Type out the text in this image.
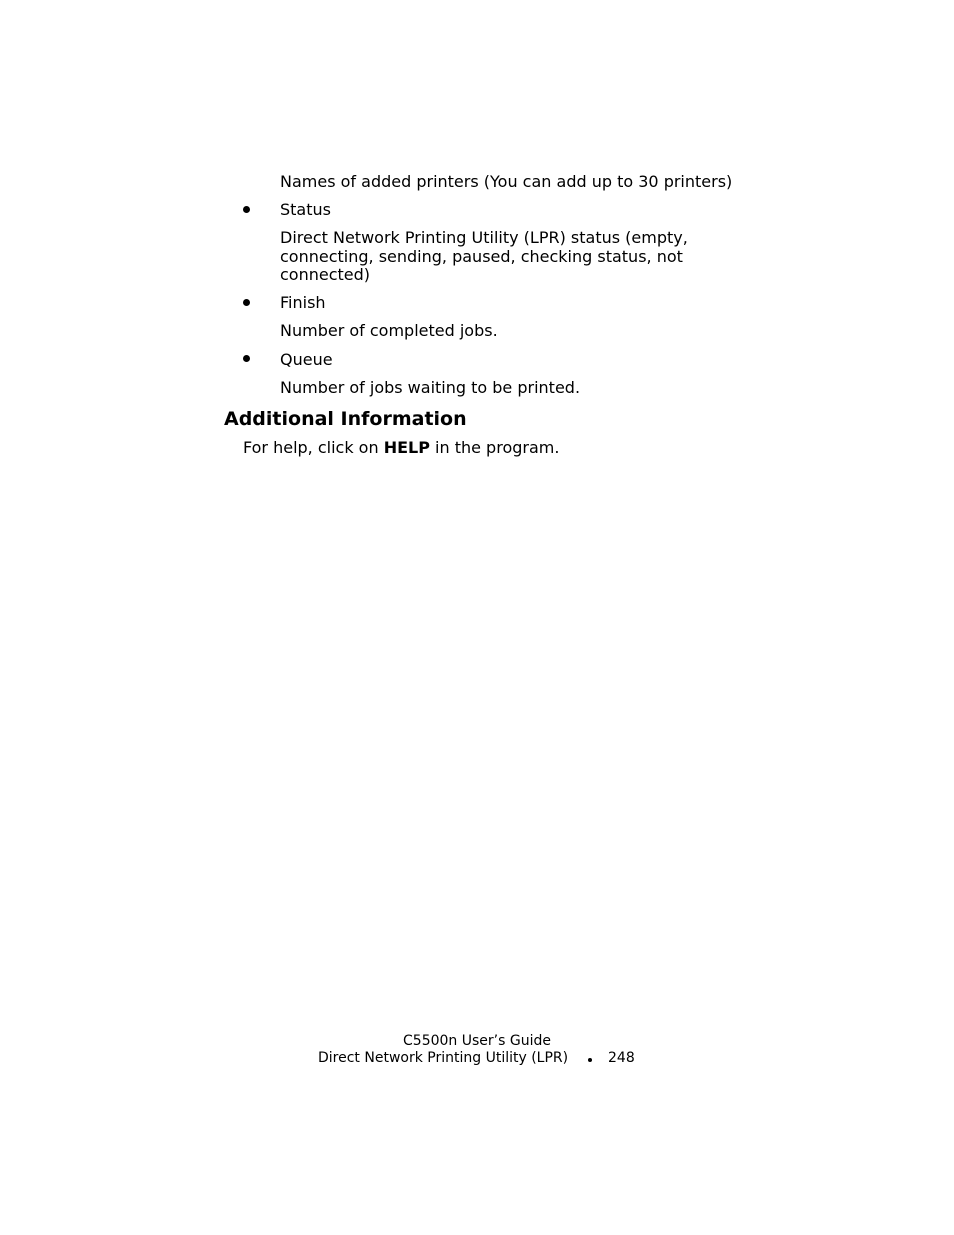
Names of added printers (You can add up to 30 printers)
Status
Direct Network Printing Utility (LPR) status (empty,
connecting, sending, paused, checking status, not
connected)
Finish
Number of completed jobs.
Queue
Number of jobs waiting to be printed.
Additional Information
For help, click on HELP in the program.
C5500n User’s Guide
Direct Network Printing Utility (LPR)	248
